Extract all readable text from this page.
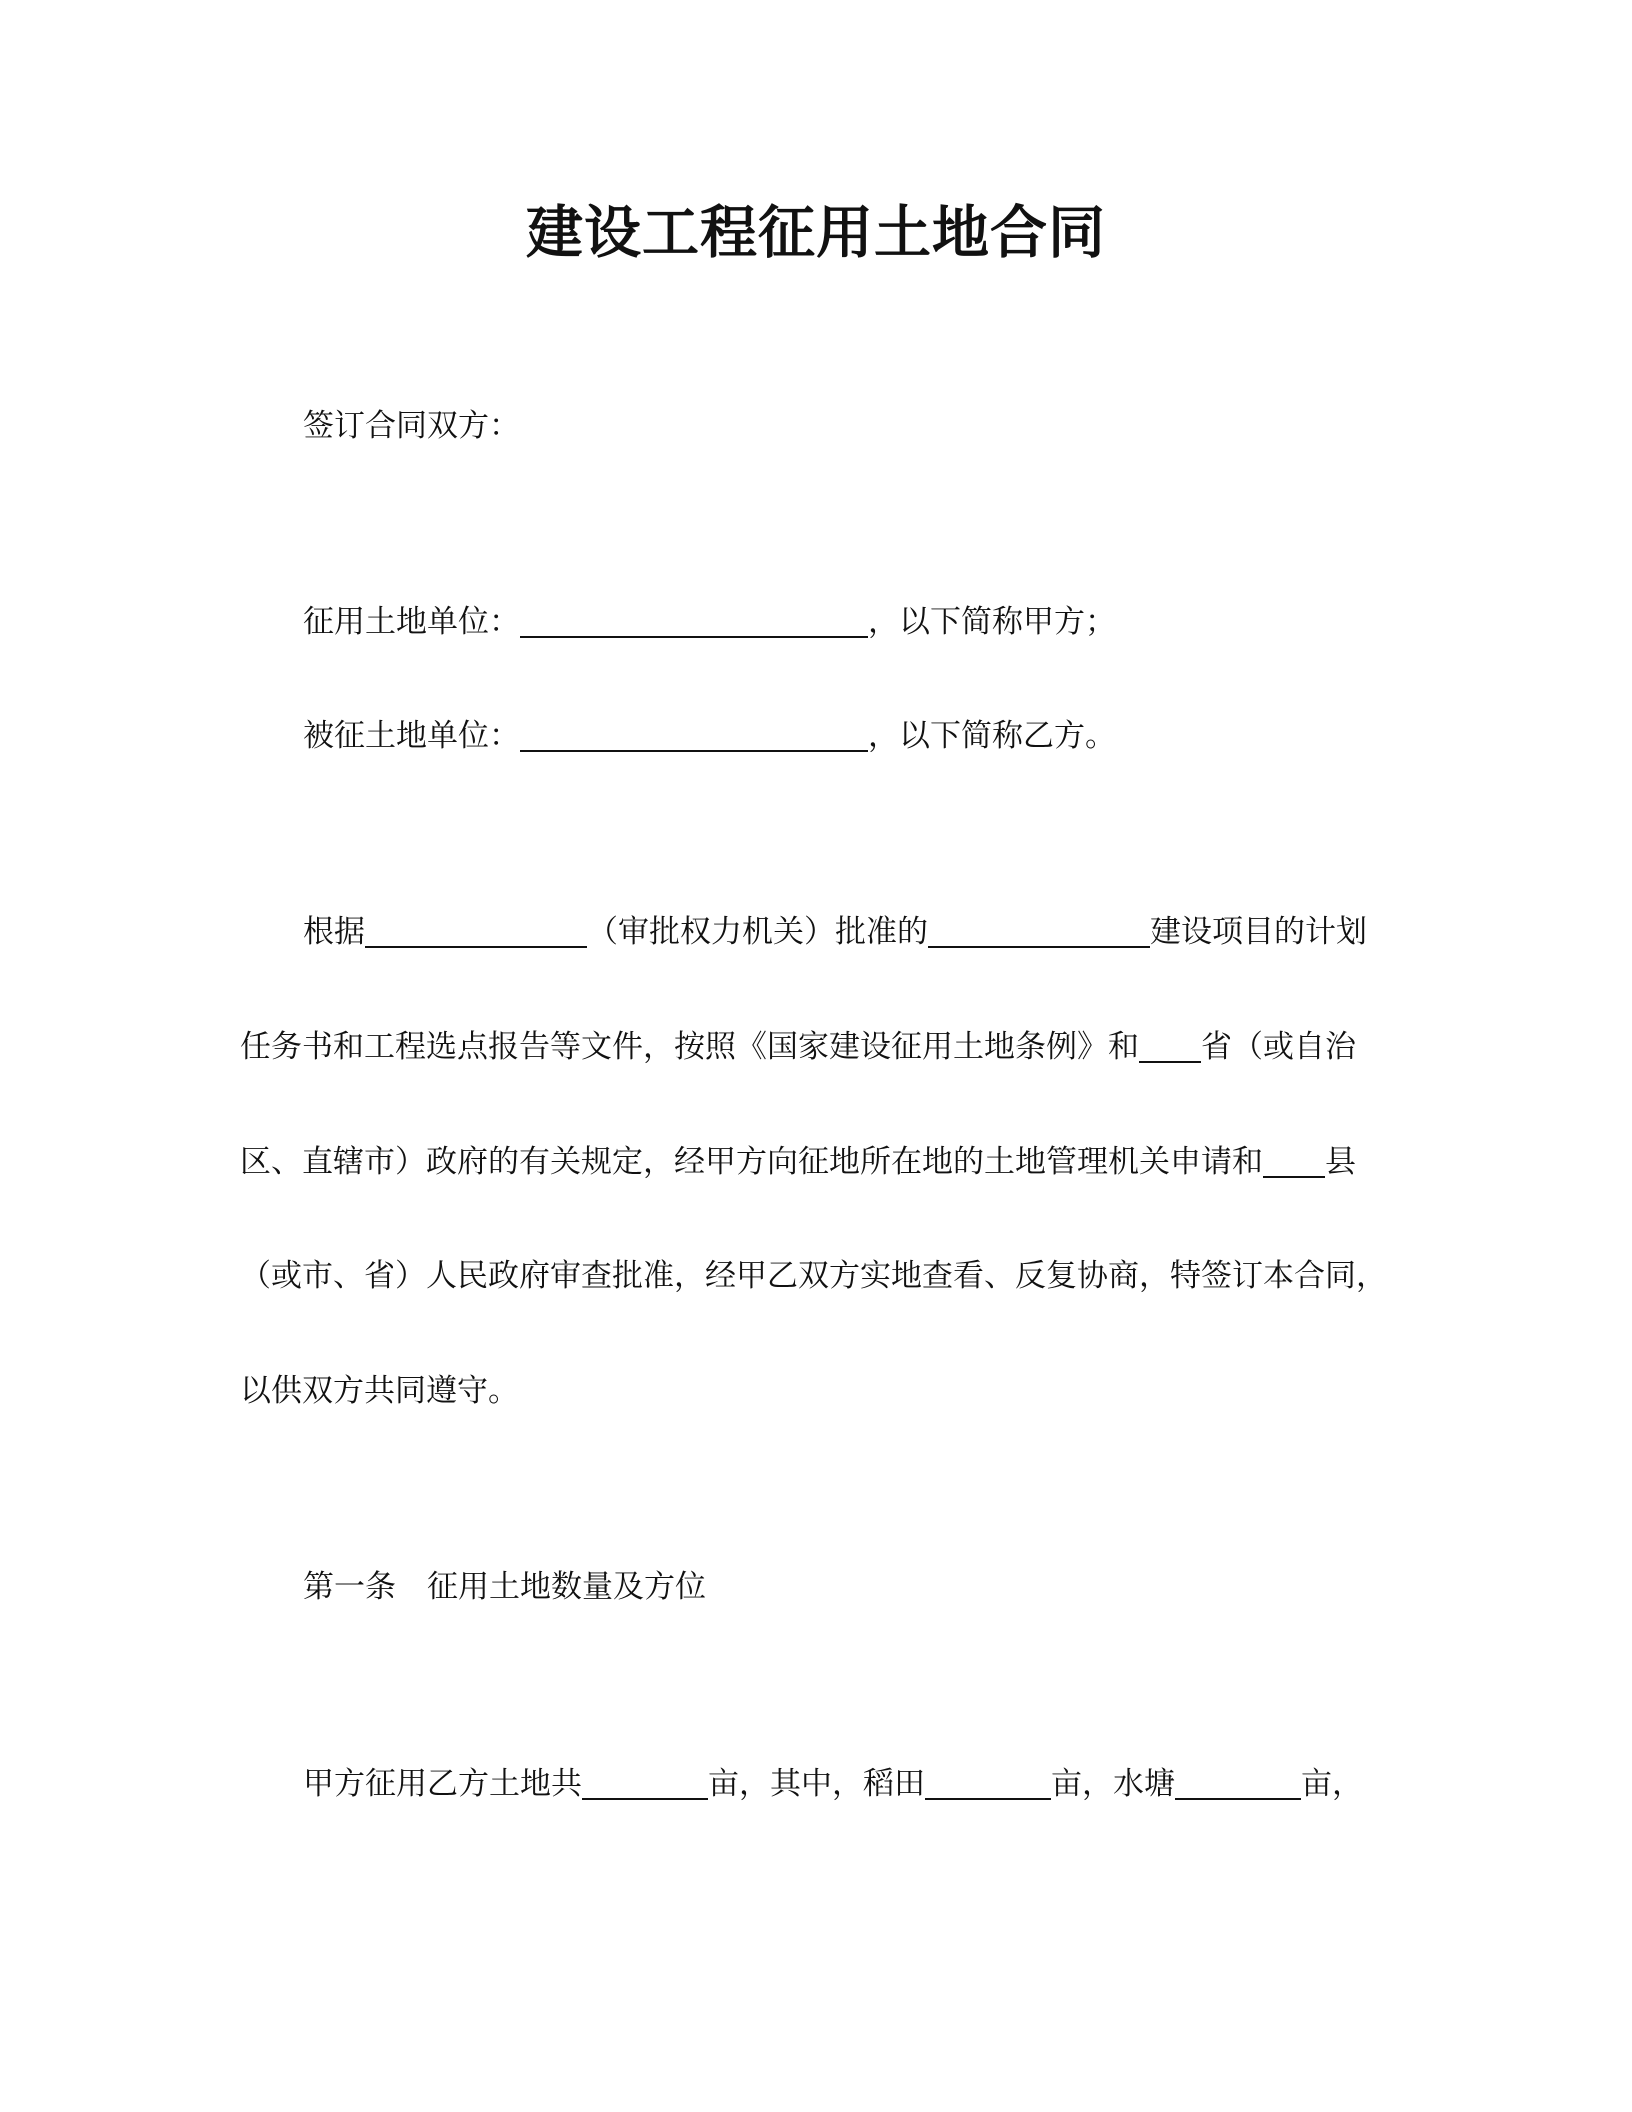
建设工程征用土地合同
签订合同双方：
征用土地单位：	，以下简称甲方；
被征土地单位：	，以下简称乙方。
根据	（审批权力机关）批准的	建设项目的计划
任务书和工程选点报告等文件，按照《国家建设征用土地条例》和 省（或自治
区、直辖市）政府的有关规定，经甲方向征地所在地的土地管理机关申请和 县
（或市、省）人民政府审查批准，经甲乙双方实地查看、反复协商，特签订本合同，
以供双方共同遵守。
第一条　征用土地数量及方位
甲方征用乙方土地共	亩，其中，稻田	亩，水塘	亩，
